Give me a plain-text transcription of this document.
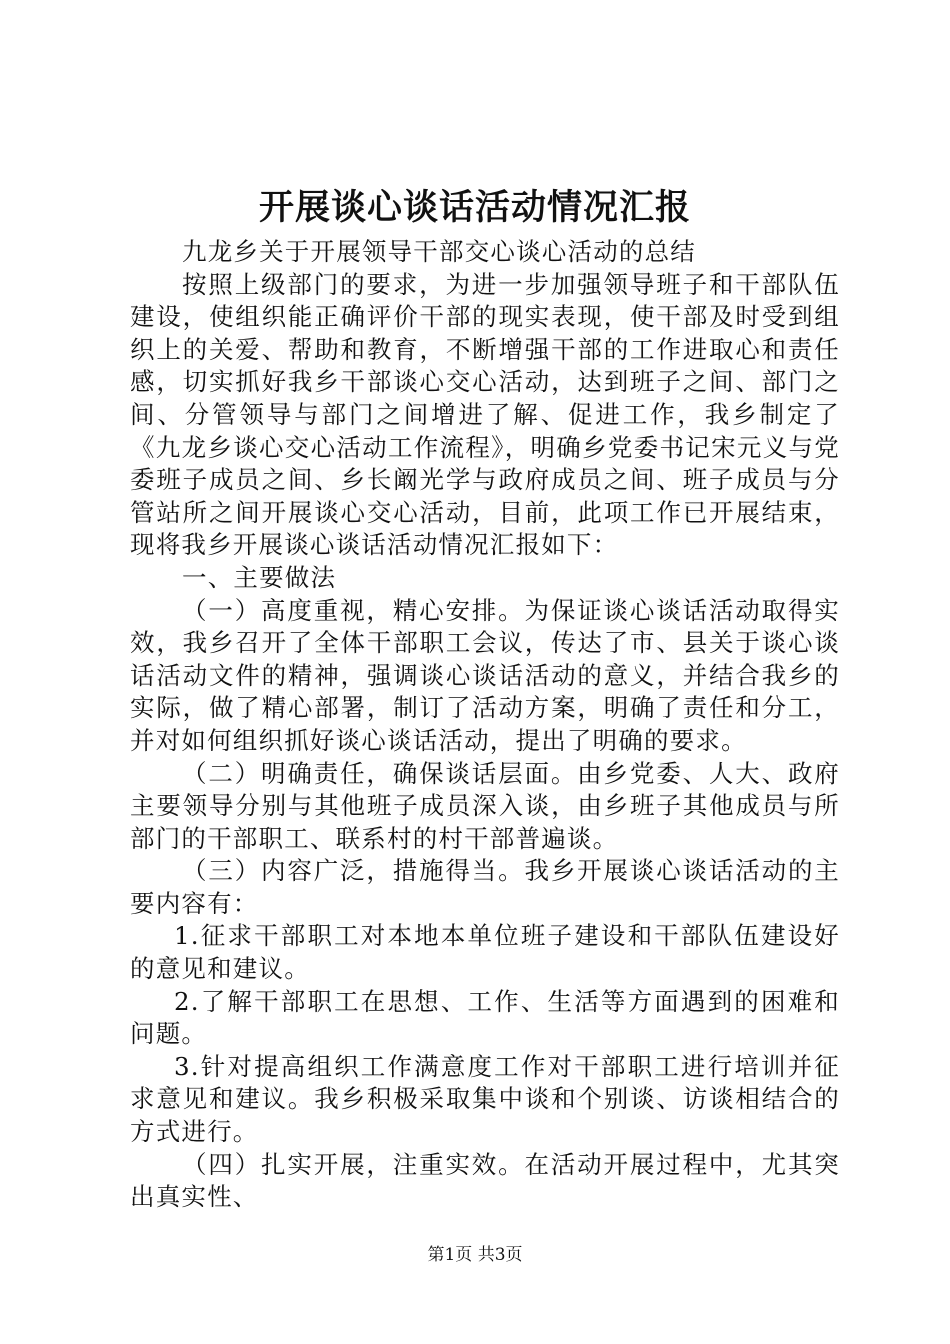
开展谈心谈话活动情况汇报

九龙乡关于开展领导干部交心谈心活动的总结

按照上级部门的要求，为进一步加强领导班子和干部队伍建设，使组织能正确评价干部的现实表现，使干部及时受到组织上的关爱、帮助和教育，不断增强干部的工作进取心和责任感，切实抓好我乡干部谈心交心活动，达到班子之间、部门之间、分管领导与部门之间增进了解、促进工作，我乡制定了《九龙乡谈心交心活动工作流程》，明确乡党委书记宋元义与党委班子成员之间、乡长阚光学与政府成员之间、班子成员与分管站所之间开展谈心交心活动，目前，此项工作已开展结束，现将我乡开展谈心谈话活动情况汇报如下：

一、主要做法

（一）高度重视，精心安排。为保证谈心谈话活动取得实效，我乡召开了全体干部职工会议，传达了市、县关于谈心谈话活动文件的精神，强调谈心谈话活动的意义，并结合我乡的实际，做了精心部署，制订了活动方案，明确了责任和分工，并对如何组织抓好谈心谈话活动，提出了明确的要求。

（二）明确责任，确保谈话层面。由乡党委、人大、政府主要领导分别与其他班子成员深入谈，由乡班子其他成员与所部门的干部职工、联系村的村干部普遍谈。

（三）内容广泛，措施得当。我乡开展谈心谈话活动的主要内容有：

1.征求干部职工对本地本单位班子建设和干部队伍建设好的意见和建议。

2.了解干部职工在思想、工作、生活等方面遇到的困难和问题。

3.针对提高组织工作满意度工作对干部职工进行培训并征求意见和建议。我乡积极采取集中谈和个别谈、访谈相结合的方式进行。

（四）扎实开展，注重实效。在活动开展过程中，尤其突出真实性、

第1页 共3页
